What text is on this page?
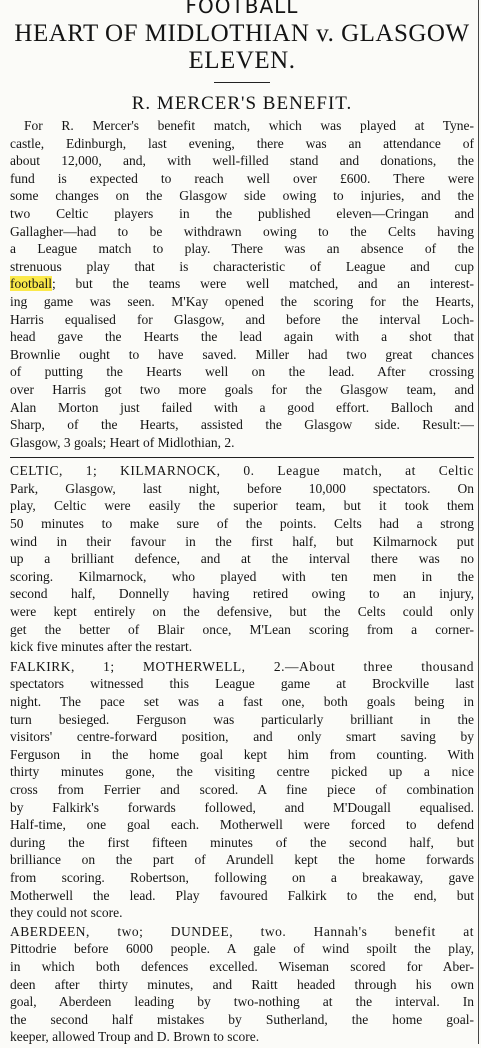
FOOTBALL
HEART OF MIDLOTHIAN v. GLASGOW
ELEVEN.
R. MERCER'S BENEFIT.
For R. Mercer's benefit match, which was played at Tyne-
castle, Edinburgh, last evening, there was an attendance of
about 12,000, and, with well-filled stand and donations, the
fund is expected to reach well over £600. There were
some changes on the Glasgow side owing to injuries, and the
two Celtic players in the published eleven—Cringan and
Gallagher—had to be withdrawn owing to the Celts having
a League match to play. There was an absence of the
strenuous play that is characteristic of League and cup
football; but the teams were well matched, and an interest-
ing game was seen. M'Kay opened the scoring for the Hearts,
Harris equalised for Glasgow, and before the interval Loch-
head gave the Hearts the lead again with a shot that
Brownlie ought to have saved. Miller had two great chances
of putting the Hearts well on the lead. After crossing
over Harris got two more goals for the Glasgow team, and
Alan Morton just failed with a good effort. Balloch and
Sharp, of the Hearts, assisted the Glasgow side. Result:—
Glasgow, 3 goals; Heart of Midlothian, 2.
CELTIC, 1; KILMARNOCK, 0. League match, at Celtic
Park, Glasgow, last night, before 10,000 spectators. On
play, Celtic were easily the superior team, but it took them
50 minutes to make sure of the points. Celts had a strong
wind in their favour in the first half, but Kilmarnock put
up a brilliant defence, and at the interval there was no
scoring. Kilmarnock, who played with ten men in the
second half, Donnelly having retired owing to an injury,
were kept entirely on the defensive, but the Celts could only
get the better of Blair once, M'Lean scoring from a corner-
kick five minutes after the restart.
FALKIRK, 1; MOTHERWELL, 2.—About three thousand
spectators witnessed this League game at Brockville last
night. The pace set was a fast one, both goals being in
turn besieged. Ferguson was particularly brilliant in the
visitors' centre-forward position, and only smart saving by
Ferguson in the home goal kept him from counting. With
thirty minutes gone, the visiting centre picked up a nice
cross from Ferrier and scored. A fine piece of combination
by Falkirk's forwards followed, and M'Dougall equalised.
Half-time, one goal each. Motherwell were forced to defend
during the first fifteen minutes of the second half, but
brilliance on the part of Arundell kept the home forwards
from scoring. Robertson, following on a breakaway, gave
Motherwell the lead. Play favoured Falkirk to the end, but
they could not score.
ABERDEEN, two; DUNDEE, two. Hannah's benefit at
Pittodrie before 6000 people. A gale of wind spoilt the play,
in which both defences excelled. Wiseman scored for Aber-
deen after thirty minutes, and Raitt headed through his own
goal, Aberdeen leading by two-nothing at the interval. In
the second half mistakes by Sutherland, the home goal-
keeper, allowed Troup and D. Brown to score.
